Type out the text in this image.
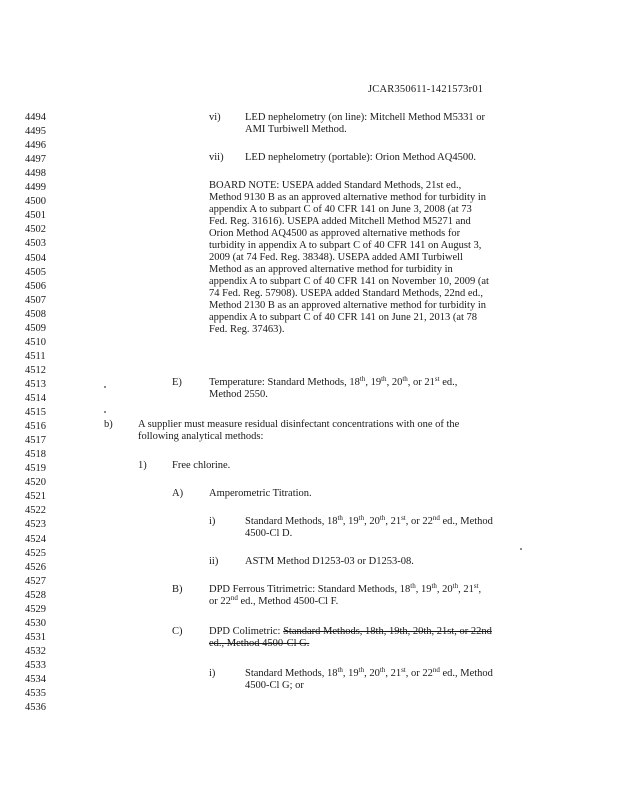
JCAR350611-1421573r01
4494
4495
4496
4497
4498
4499
4500
4501
4502
4503
4504
4505
4506
4507
4508
4509
4510
4511
4512
4513
4514
4515
4516
4517
4518
4519
4520
4521
4522
4523
4524
4525
4526
4527
4528
4529
4530
4531
4532
4533
4534
4535
4536
vi) LED nephelometry (on line): Mitchell Method M5331 or
AMI Turbiwell Method.
vii) LED nephelometry (portable): Orion Method AQ4500.
BOARD NOTE: USEPA added Standard Methods, 21st ed.,
Method 9130 B as an approved alternative method for turbidity in
appendix A to subpart C of 40 CFR 141 on June 3, 2008 (at 73
Fed. Reg. 31616). USEPA added Mitchell Method M5271 and
Orion Method AQ4500 as approved alternative methods for
turbidity in appendix A to subpart C of 40 CFR 141 on August 3,
2009 (at 74 Fed. Reg. 38348). USEPA added AMI Turbiwell
Method as an approved alternative method for turbidity in
appendix A to subpart C of 40 CFR 141 on November 10, 2009 (at
74 Fed. Reg. 57908). USEPA added Standard Methods, 22nd ed.,
Method 2130 B as an approved alternative method for turbidity in
appendix A to subpart C of 40 CFR 141 on June 21, 2013 (at 78
Fed. Reg. 37463).
E)	Temperature: Standard Methods, 18th, 19th, 20th, or 21st ed.,
Method 2550.
b) A supplier must measure residual disinfectant concentrations with one of the
following analytical methods:
1) Free chlorine.
A) Amperometric Titration.
i)	Standard Methods, 18th, 19th, 20th, 21st, or 22nd ed., Method
4500-Cl D.
ii)	ASTM Method D1253-03 or D1253-08.
B)	DPD Ferrous Titrimetric: Standard Methods, 18th, 19th, 20th, 21st,
or 22nd ed., Method 4500-Cl F.
C)	DPD Colimetric: Standard Methods, 18th, 19th, 20th, 21st, or 22nd
ed., Method 4500-Cl G.
i)	Standard Methods, 18th, 19th, 20th, 21st, or 22nd ed., Method
4500-Cl G; or
